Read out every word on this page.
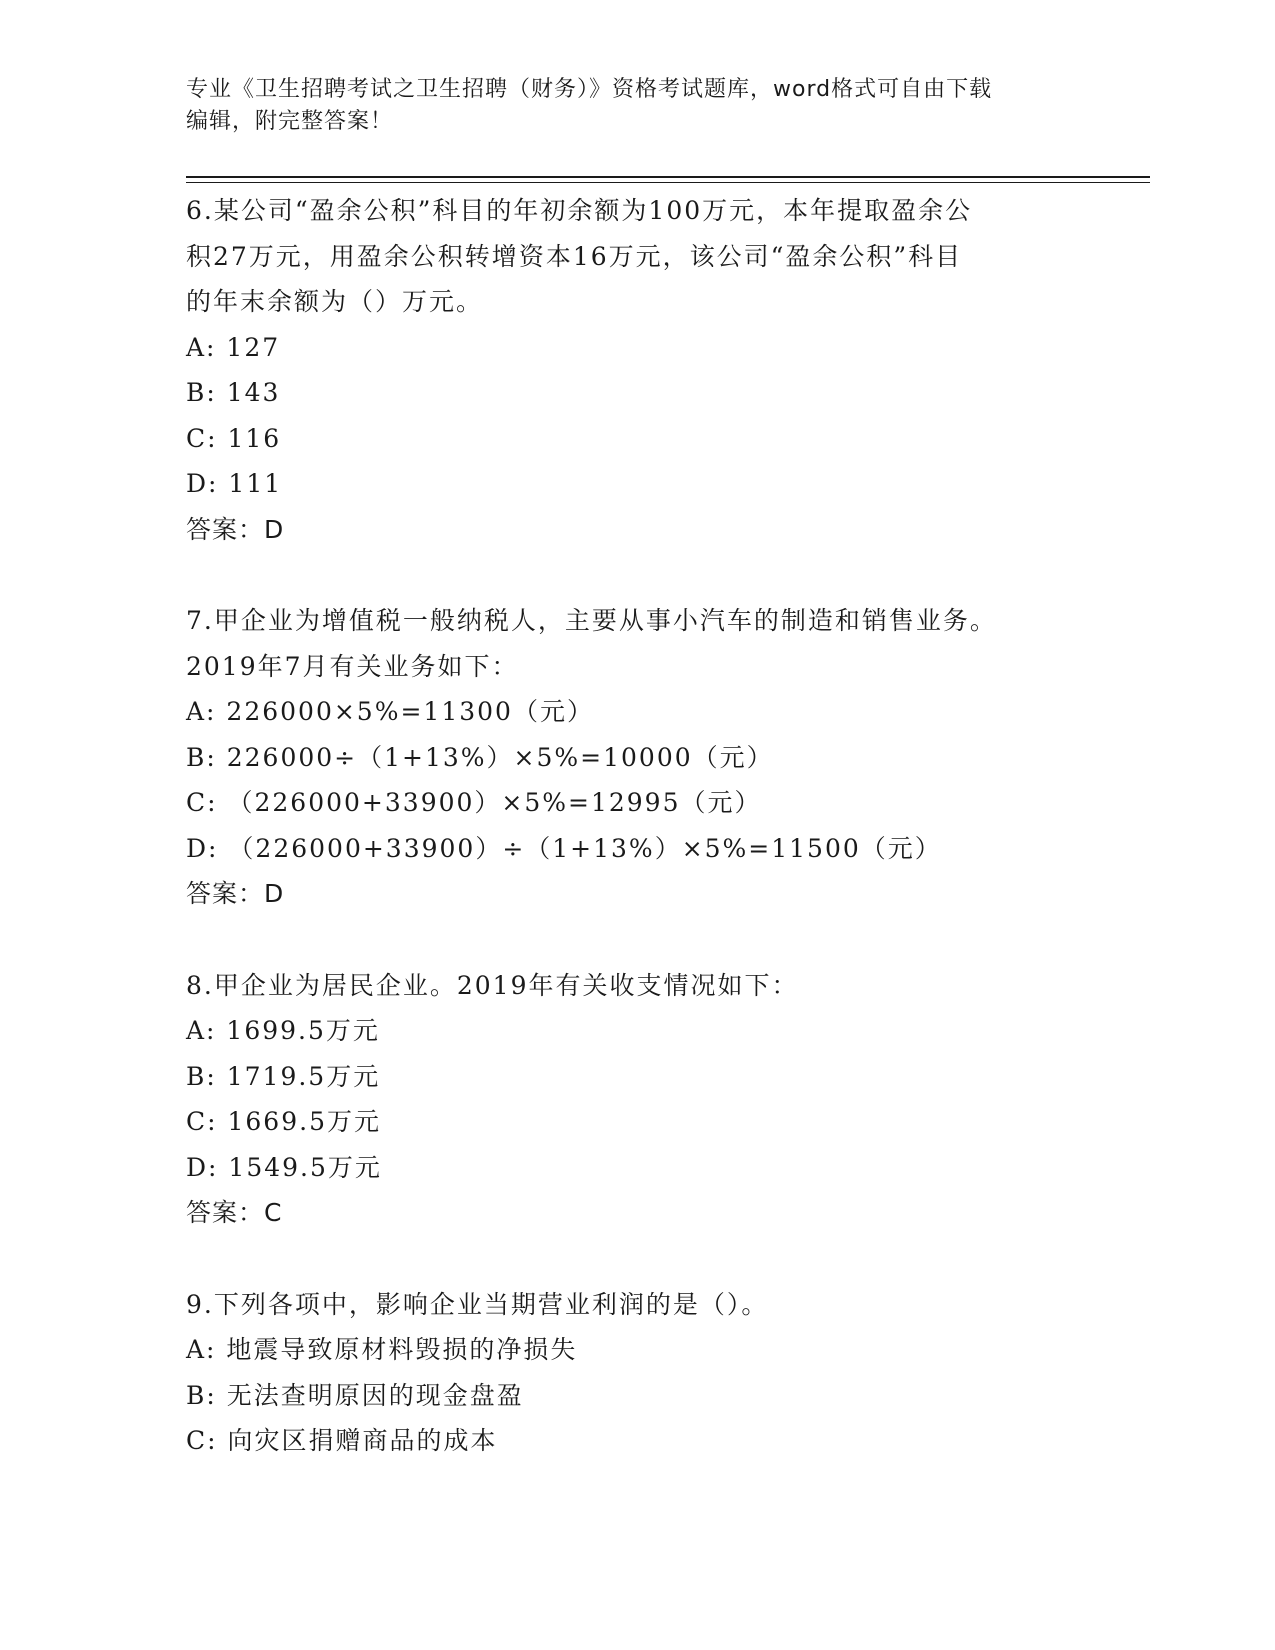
专业《卫生招聘考试之卫生招聘（财务）》资格考试题库，word格式可自由下载
编辑，附完整答案！
6.某公司“盈余公积”科目的年初余额为100万元，本年提取盈余公
积27万元，用盈余公积转增资本16万元，该公司“盈余公积”科目
的年末余额为（）万元。
A: 127
B: 143
C: 116
D: 111
答案：D
7.甲企业为增值税一般纳税人，主要从事小汽车的制造和销售业务。
2019年7月有关业务如下：
A: 226000×5%=11300（元）
B: 226000÷（1+13%）×5%=10000（元）
C: （226000+33900）×5%=12995（元）
D: （226000+33900）÷（1+13%）×5%=11500（元）
答案：D
8.甲企业为居民企业。2019年有关收支情况如下：
A: 1699.5万元
B: 1719.5万元
C: 1669.5万元
D: 1549.5万元
答案：C
9.下列各项中，影响企业当期营业利润的是（）。
A: 地震导致原材料毁损的净损失
B: 无法查明原因的现金盘盈
C: 向灾区捐赠商品的成本
